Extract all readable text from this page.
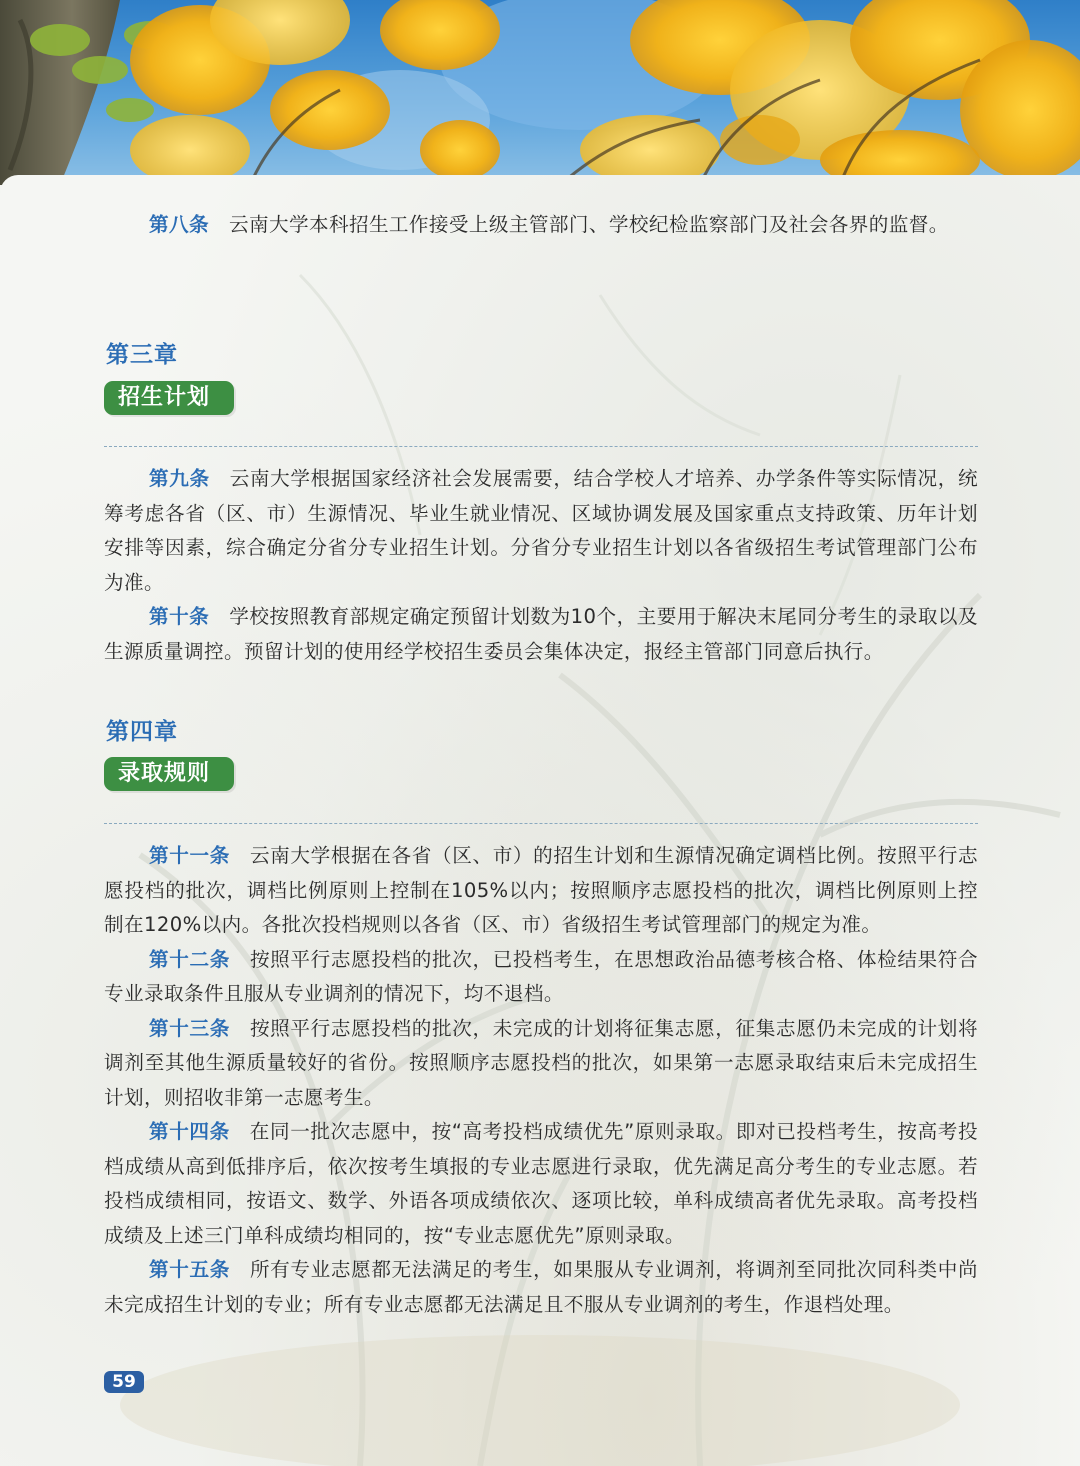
第八条 云南大学本科招生工作接受上级主管部门、学校纪检监察部门及社会各界的监督。

第三章
招生计划

第九条 云南大学根据国家经济社会发展需要，结合学校人才培养、办学条件等实际情况，统筹考虑各省（区、市）生源情况、毕业生就业情况、区域协调发展及国家重点支持政策、历年计划安排等因素，综合确定分省分专业招生计划。分省分专业招生计划以各省级招生考试管理部门公布为准。

第十条 学校按照教育部规定确定预留计划数为10个，主要用于解决末尾同分考生的录取以及生源质量调控。预留计划的使用经学校招生委员会集体决定，报经主管部门同意后执行。

第四章
录取规则

第十一条 云南大学根据在各省（区、市）的招生计划和生源情况确定调档比例。按照平行志愿投档的批次，调档比例原则上控制在105%以内；按照顺序志愿投档的批次，调档比例原则上控制在120%以内。各批次投档规则以各省（区、市）省级招生考试管理部门的规定为准。

第十二条 按照平行志愿投档的批次，已投档考生，在思想政治品德考核合格、体检结果符合专业录取条件且服从专业调剂的情况下，均不退档。

第十三条 按照平行志愿投档的批次，未完成的计划将征集志愿，征集志愿仍未完成的计划将调剂至其他生源质量较好的省份。按照顺序志愿投档的批次，如果第一志愿录取结束后未完成招生计划，则招收非第一志愿考生。

第十四条 在同一批次志愿中，按“高考投档成绩优先”原则录取。即对已投档考生，按高考投档成绩从高到低排序后，依次按考生填报的专业志愿进行录取，优先满足高分考生的专业志愿。若投档成绩相同，按语文、数学、外语各项成绩依次、逐项比较，单科成绩高者优先录取。高考投档成绩及上述三门单科成绩均相同的，按“专业志愿优先”原则录取。

第十五条 所有专业志愿都无法满足的考生，如果服从专业调剂，将调剂至同批次同科类中尚未完成招生计划的专业；所有专业志愿都无法满足且不服从专业调剂的考生，作退档处理。

59
